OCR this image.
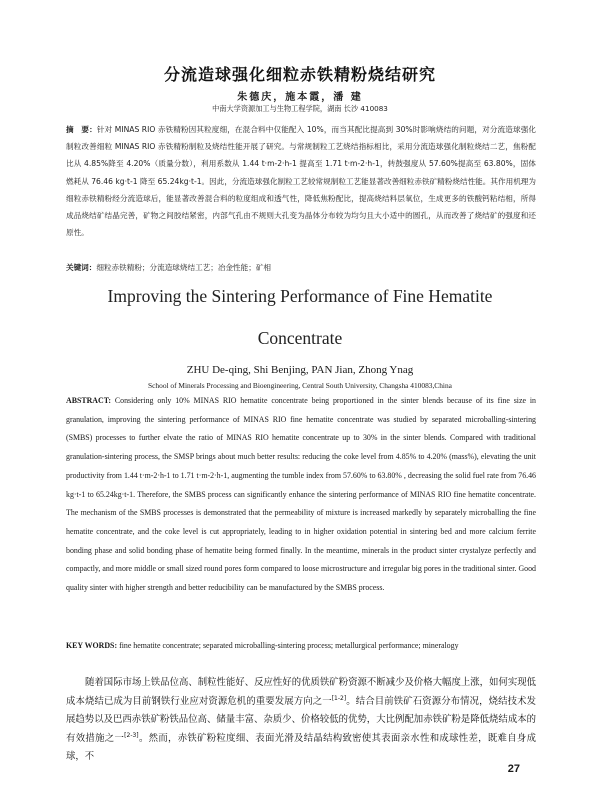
分流造球强化细粒赤铁精粉烧结研究
朱德庆，施本霞，潘 建
中南大学资源加工与生物工程学院，湖南 长沙 410083
摘　要：针对 MINAS RIO 赤铁精粉因其粒度细，在混合料中仅能配入 10%，而当其配比提高到 30%时影响烧结的问题，对分流造球强化制粒改善细粒 MINAS RIO 赤铁精粉制粒及烧结性能开展了研究。与常规制粒工艺烧结指标相比，采用分流造球强化制粒烧结二艺，焦粉配比从 4.85%降至 4.20%（质量分数），利用系数从 1.44 t·m-2·h-1 提高至 1.71 t·m-2·h-1，转鼓强度从 57.60%提高至 63.80%，固体燃耗从 76.46 kg·t-1 降至 65.24kg·t-1。因此，分流造球强化制粒工艺较常规制粒工艺能显著改善细粒赤铁矿精粉烧结性能。其作用机理为细粒赤铁精粉经分流造球后，能显著改善混合料的粒度组成和透气性，降低焦粉配比，提高烧结料层氧位，生成更多的铁酸钙粘结相，所得成品烧结矿结晶完善，矿物之间胶结紧密，内部气孔由不规则大孔变为晶体分布较为均匀且大小适中的圆孔，从而改善了烧结矿的强度和还原性。
关键词：细粒赤铁精粉；分流造球烧结工艺；冶金性能；矿相
Improving the Sintering Performance of Fine Hematite
Concentrate
ZHU De-qing, Shi Benjing, PAN Jian, Zhong Ynag
School of Minerals Processing and Bioengineering, Central South University, Changsha 410083,China
ABSTRACT: Considering only 10% MINAS RIO hematite concentrate being proportioned in the sinter blends because of its fine size in granulation, improving the sintering performance of MINAS RIO fine hematite concentrate was studied by separated microballing-sintering (SMBS) processes to further elvate the ratio of MINAS RIO hematite concentrate up to 30% in the sinter blends. Compared with traditional granulation-sintering process, the SMSP brings about much better results: reducing the coke level from 4.85% to 4.20% (mass%), elevating the unit productivity from 1.44 t·m-2·h-1 to 1.71 t·m-2·h-1, augmenting the tumble index from 57.60% to 63.80% , decreasing the solid fuel rate from 76.46 kg·t-1 to 65.24kg·t-1. Therefore, the SMBS process can significantly enhance the sintering performance of MINAS RIO fine hematite concentrate. The mechanism of the SMBS processes is demonstrated that the permeability of mixture is increased markedly by separately microballing the fine hematite concentrate, and the coke level is cut appropriately, leading to in higher oxidation potential in sintering bed and more calcium ferrite bonding phase and solid bonding phase of hematite being formed finally. In the meantime, minerals in the product sinter crystalyze perfectly and compactly, and more middle or small sized round pores form compared to loose microstructure and irregular big pores in the traditional sinter. Good quality sinter with higher strength and better reducibility can be manufactured by the SMBS process.
KEY WORDS: fine hematite concentrate; separated microballing-sintering process; metallurgical performance; mineralogy
随着国际市场上铁品位高、制粒性能好、反应性好的优质铁矿粉资源不断减少及价格大幅度上涨，如何实现低成本烧结已成为目前钢铁行业应对资源危机的重要发展方向之一[1-2]。结合目前铁矿石资源分布情况，烧结技术发展趋势以及巴西赤铁矿粉铁品位高、储量丰富、杂质少、价格较低的优势，大比例配加赤铁矿粉是降低烧结成本的有效措施之一[2-3]。然而，赤铁矿粉粒度细、表面光滑及结晶结构致密使其表面亲水性和成球性差，既难自身成球，不
27
